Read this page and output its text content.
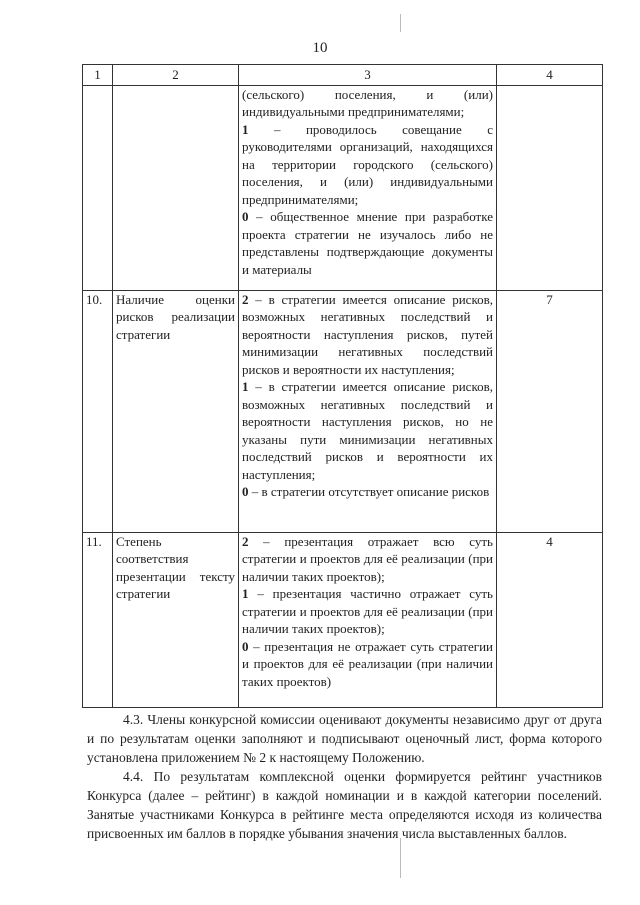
10
1	2	3	4

		(сельского) поселения, и (или) индивидуальными предпринимателями;

1 – проводилось совещание с руководителями организаций, находящихся на территории городского (сельского) поселения, и (или) индивидуальными предпринимателями;

0 – общественное мнение при разработке проекта стратегии не изучалось либо не представлены подтверждающие документы и материалы	

10.	Наличие оценки рисков реализации стратегии	2 – в стратегии имеется описание рисков, возможных негативных последствий и вероятности наступления рисков, путей минимизации негативных последствий рисков и вероятности их наступления;

1 – в стратегии имеется описание рисков, возможных негативных последствий и вероятности наступления рисков, но не указаны пути минимизации негативных последствий рисков и вероятности их наступления;

0 – в стратегии отсутствует описание рисков	7
11.	Степень соответствия презентации тексту стратегии	2 – презентация отражает всю суть стратегии и проектов для её реализации (при наличии таких проектов);

1 – презентация частично отражает суть стратегии и проектов для её реализации (при наличии таких проектов);

0 – презентация не отражает суть стратегии и проектов для её реализации (при наличии таких проектов)	4

4.3. Члены конкурсной комиссии оценивают документы независимо друг от друга и по результатам оценки заполняют и подписывают оценочный лист, форма которого установлена приложением № 2 к настоящему Положению.

4.4. По результатам комплексной оценки формируется рейтинг участников Конкурса (далее – рейтинг) в каждой номинации и в каждой категории поселений. Занятые участниками Конкурса в рейтинге места определяются исходя из количества присвоенных им баллов в порядке убывания значения числа выставленных баллов.
